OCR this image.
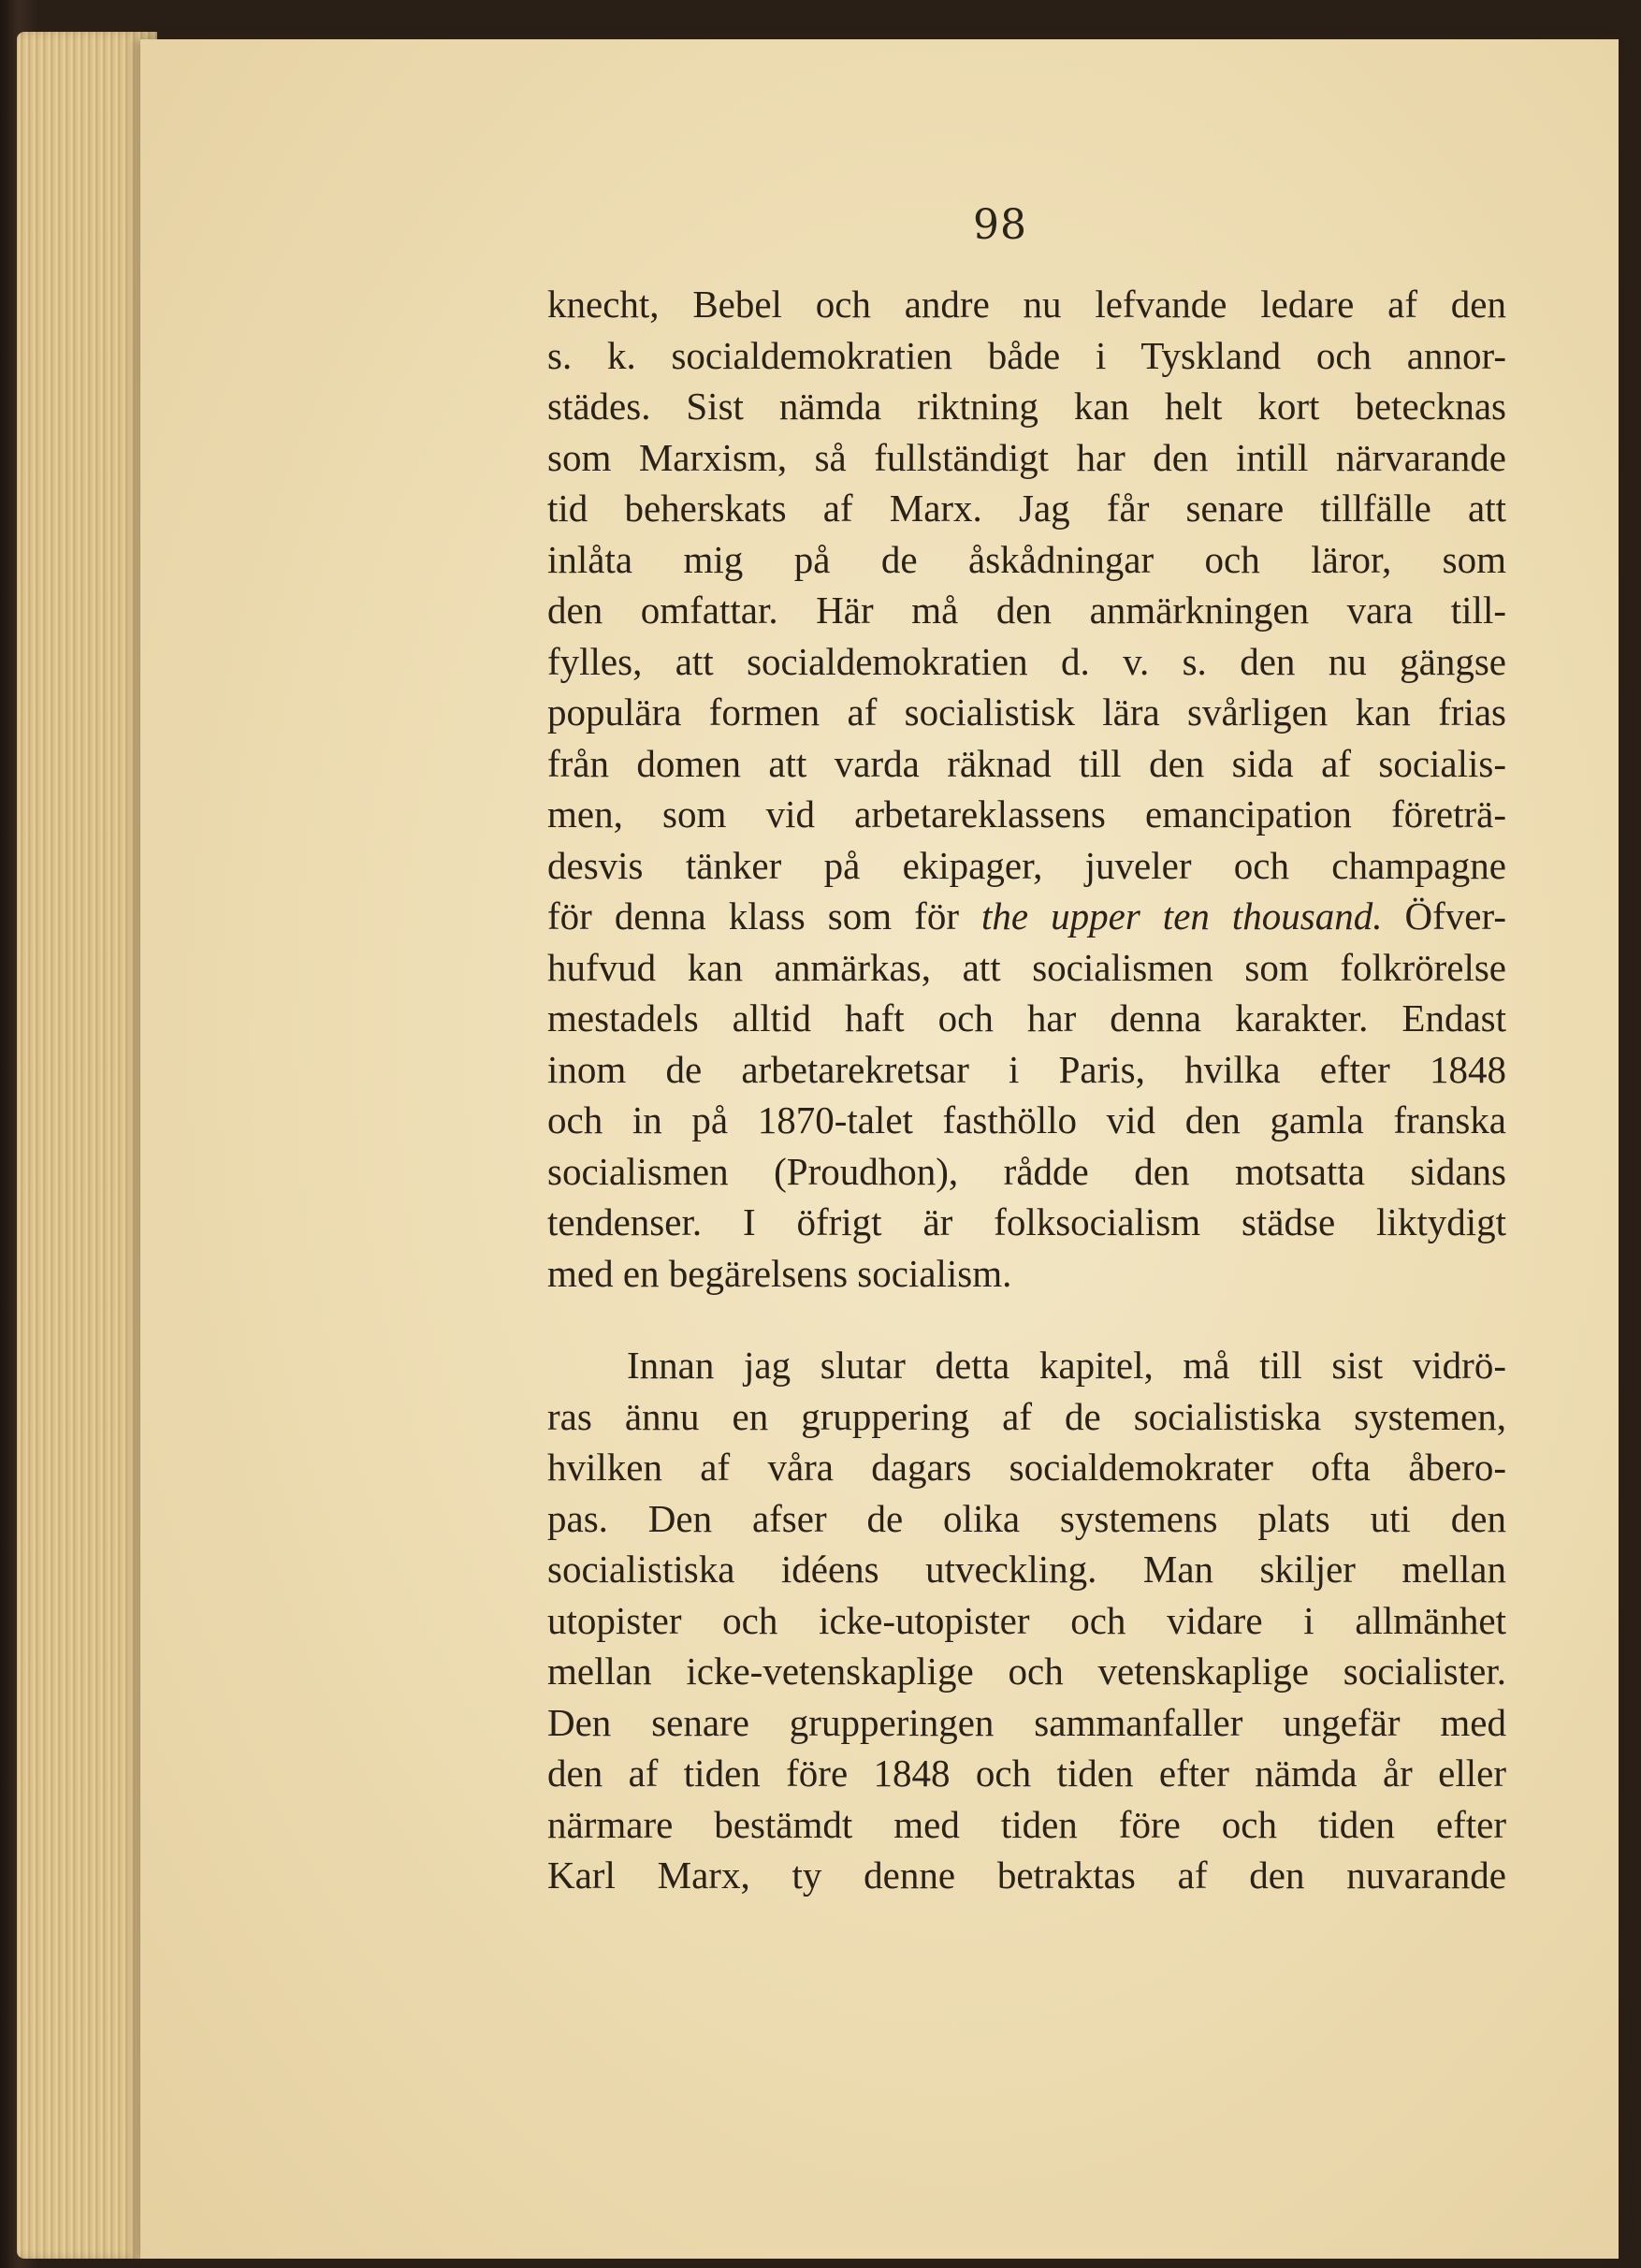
98
knecht, Bebel och andre nu lefvande ledare af den
s. k. socialdemokratien både i Tyskland och annor-
städes. Sist nämda riktning kan helt kort betecknas
som Marxism, så fullständigt har den intill närvarande
tid beherskats af Marx. Jag får senare tillfälle att
inlåta mig på de åskådningar och läror, som
den omfattar. Här må den anmärkningen vara till-
fylles, att socialdemokratien d. v. s. den nu gängse
populära formen af socialistisk lära svårligen kan frias
från domen att varda räknad till den sida af socialis-
men, som vid arbetareklassens emancipation företrä-
desvis tänker på ekipager, juveler och champagne
för denna klass som för the upper ten thousand. Öfver-
hufvud kan anmärkas, att socialismen som folkrörelse
mestadels alltid haft och har denna karakter. Endast
inom de arbetarekretsar i Paris, hvilka efter 1848
och in på 1870-talet fasthöllo vid den gamla franska
socialismen (Proudhon), rådde den motsatta sidans
tendenser. I öfrigt är folksocialism städse liktydigt
med en begärelsens socialism.
Innan jag slutar detta kapitel, må till sist vidrö-
ras ännu en gruppering af de socialistiska systemen,
hvilken af våra dagars socialdemokrater ofta åbero-
pas. Den afser de olika systemens plats uti den
socialistiska idéens utveckling. Man skiljer mellan
utopister och icke-utopister och vidare i allmänhet
mellan icke-vetenskaplige och vetenskaplige socialister.
Den senare grupperingen sammanfaller ungefär med
den af tiden före 1848 och tiden efter nämda år eller
närmare bestämdt med tiden före och tiden efter
Karl Marx, ty denne betraktas af den nuvarande
